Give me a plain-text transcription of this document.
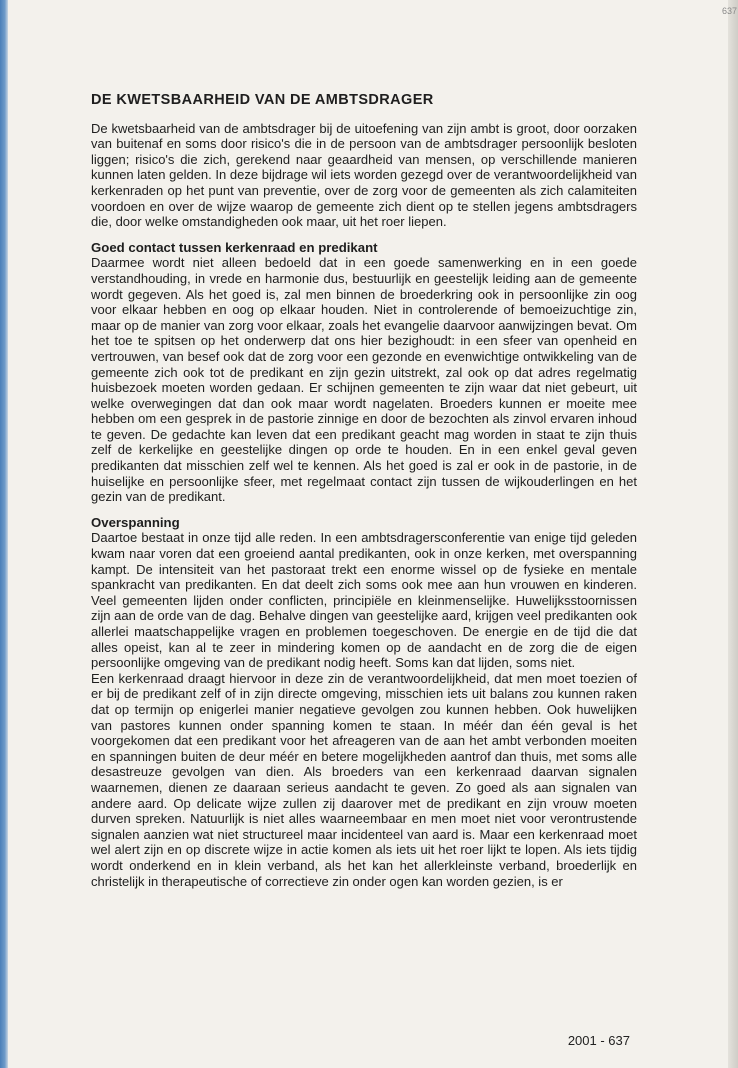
637
DE KWETSBAARHEID VAN DE AMBTSDRAGER

De kwetsbaarheid van de ambtsdrager bij de uitoefening van zijn ambt is groot, door oorzaken van buitenaf en soms door risico's die in de persoon van de ambtsdrager persoonlijk besloten liggen; risico's die zich, gerekend naar geaardheid van mensen, op verschillende manieren kunnen laten gelden. In deze bijdrage wil iets worden gezegd over de verantwoordelijkheid van kerkenraden op het punt van preventie, over de zorg voor de gemeenten als zich calamiteiten voordoen en over de wijze waarop de gemeente zich dient op te stellen jegens ambtsdragers die, door welke omstandigheden ook maar, uit het roer liepen.

Goed contact tussen kerkenraad en predikant

Daarmee wordt niet alleen bedoeld dat in een goede samenwerking en in een goede verstandhouding, in vrede en harmonie dus, bestuurlijk en geestelijk leiding aan de gemeente wordt gegeven. Als het goed is, zal men binnen de broederkring ook in persoonlijke zin oog voor elkaar hebben en oog op elkaar houden. Niet in controlerende of bemoeizuchtige zin, maar op de manier van zorg voor elkaar, zoals het evangelie daarvoor aanwijzingen bevat. Om het toe te spitsen op het onderwerp dat ons hier bezighoudt: in een sfeer van openheid en vertrouwen, van besef ook dat de zorg voor een gezonde en evenwichtige ontwikkeling van de gemeente zich ook tot de predikant en zijn gezin uitstrekt, zal ook op dat adres regelmatig huisbezoek moeten worden gedaan. Er schijnen gemeenten te zijn waar dat niet gebeurt, uit welke overwegingen dat dan ook maar wordt nagelaten. Broeders kunnen er moeite mee hebben om een gesprek in de pastorie zinnige en door de bezochten als zinvol ervaren inhoud te geven. De gedachte kan leven dat een predikant geacht mag worden in staat te zijn thuis zelf de kerkelijke en geestelijke dingen op orde te houden. En in een enkel geval geven predikanten dat misschien zelf wel te kennen. Als het goed is zal er ook in de pastorie, in de huiselijke en persoonlijke sfeer, met regelmaat contact zijn tussen de wijkouderlingen en het gezin van de predikant.

Overspanning

Daartoe bestaat in onze tijd alle reden. In een ambtsdragersconferentie van enige tijd geleden kwam naar voren dat een groeiend aantal predikanten, ook in onze kerken, met overspanning kampt. De intensiteit van het pastoraat trekt een enorme wissel op de fysieke en mentale spankracht van predikanten. En dat deelt zich soms ook mee aan hun vrouwen en kinderen. Veel gemeenten lijden onder conflicten, principiële en kleinmenselijke. Huwelijksstoornissen zijn aan de orde van de dag. Behalve dingen van geestelijke aard, krijgen veel predikanten ook allerlei maatschappelijke vragen en problemen toegeschoven. De energie en de tijd die dat alles opeist, kan al te zeer in mindering komen op de aandacht en de zorg die de eigen persoonlijke omgeving van de predikant nodig heeft. Soms kan dat lijden, soms niet.

Een kerkenraad draagt hiervoor in deze zin de verantwoordelijkheid, dat men moet toezien of er bij de predikant zelf of in zijn directe omgeving, misschien iets uit balans zou kunnen raken dat op termijn op enigerlei manier negatieve gevolgen zou kunnen hebben. Ook huwelijken van pastores kunnen onder spanning komen te staan. In méér dan één geval is het voorgekomen dat een predikant voor het afreageren van de aan het ambt verbonden moeiten en spanningen buiten de deur méér en betere mogelijkheden aantrof dan thuis, met soms alle desastreuze gevolgen van dien. Als broeders van een kerkenraad daarvan signalen waarnemen, dienen ze daaraan serieus aandacht te geven. Zo goed als aan signalen van andere aard. Op delicate wijze zullen zij daarover met de predikant en zijn vrouw moeten durven spreken. Natuurlijk is niet alles waarneembaar en men moet niet voor verontrustende signalen aanzien wat niet structureel maar incidenteel van aard is. Maar een kerkenraad moet wel alert zijn en op discrete wijze in actie komen als iets uit het roer lijkt te lopen. Als iets tijdig wordt onderkend en in klein verband, als het kan het allerkleinste verband, broederlijk en christelijk in therapeutische of correctieve zin onder ogen kan worden gezien, is er

2001 - 637
